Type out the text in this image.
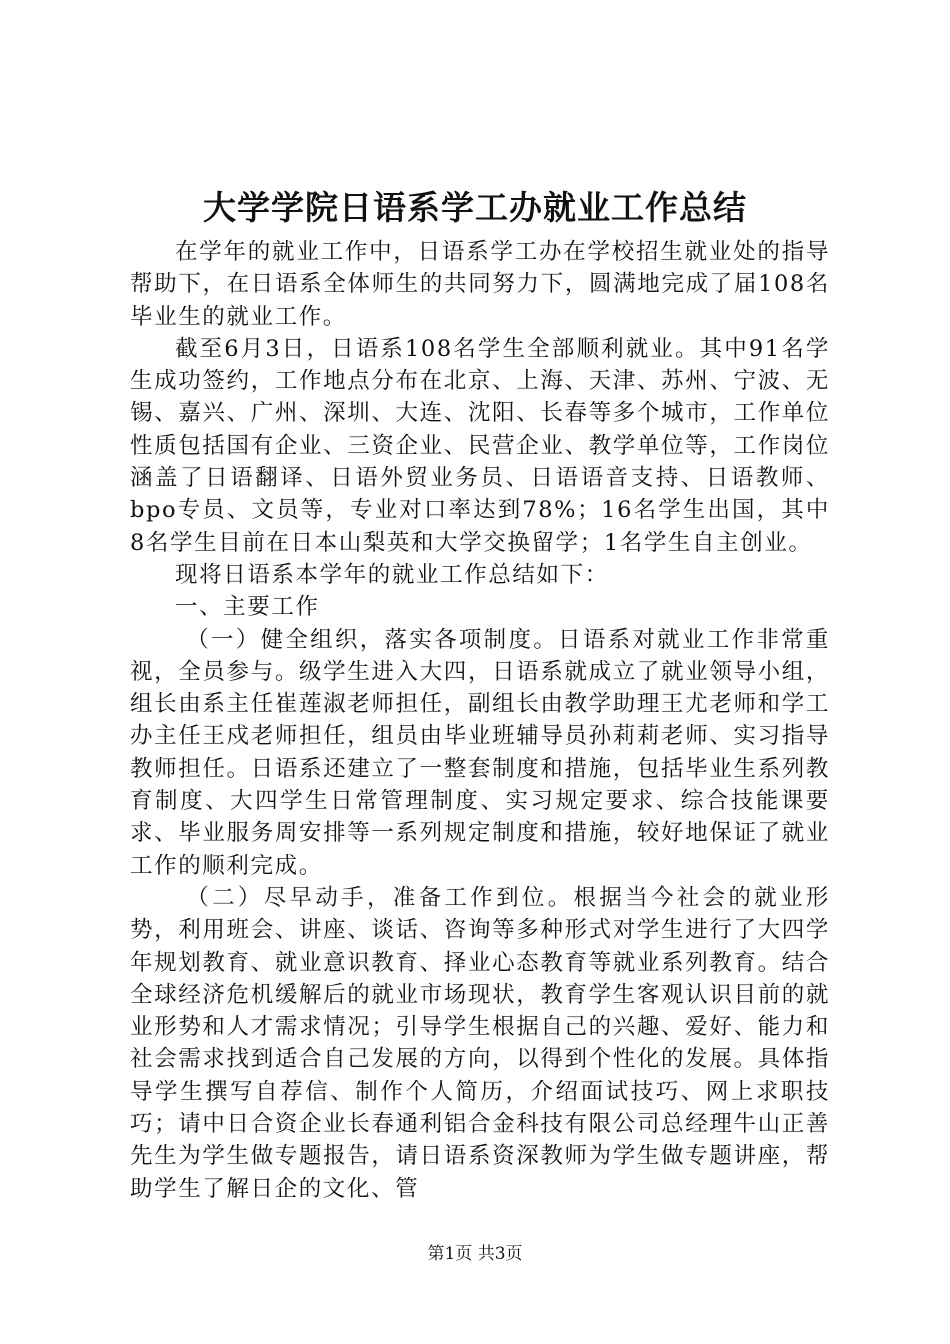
大学学院日语系学工办就业工作总结

在学年的就业工作中，日语系学工办在学校招生就业处的指导帮助下，在日语系全体师生的共同努力下，圆满地完成了届108名毕业生的就业工作。

截至6月3日，日语系108名学生全部顺利就业。其中91名学生成功签约，工作地点分布在北京、上海、天津、苏州、宁波、无锡、嘉兴、广州、深圳、大连、沈阳、长春等多个城市，工作单位性质包括国有企业、三资企业、民营企业、教学单位等，工作岗位涵盖了日语翻译、日语外贸业务员、日语语音支持、日语教师、bpo专员、文员等，专业对口率达到78%；16名学生出国，其中8名学生目前在日本山梨英和大学交换留学；1名学生自主创业。

现将日语系本学年的就业工作总结如下：

一、主要工作

（一）健全组织，落实各项制度。日语系对就业工作非常重视，全员参与。级学生进入大四，日语系就成立了就业领导小组，组长由系主任崔莲淑老师担任，副组长由教学助理王尤老师和学工办主任王戍老师担任，组员由毕业班辅导员孙莉莉老师、实习指导教师担任。日语系还建立了一整套制度和措施，包括毕业生系列教育制度、大四学生日常管理制度、实习规定要求、综合技能课要求、毕业服务周安排等一系列规定制度和措施，较好地保证了就业工作的顺利完成。

（二）尽早动手，准备工作到位。根据当今社会的就业形势，利用班会、讲座、谈话、咨询等多种形式对学生进行了大四学年规划教育、就业意识教育、择业心态教育等就业系列教育。结合全球经济危机缓解后的就业市场现状，教育学生客观认识目前的就业形势和人才需求情况；引导学生根据自己的兴趣、爱好、能力和社会需求找到适合自己发展的方向，以得到个性化的发展。具体指导学生撰写自荐信、制作个人简历，介绍面试技巧、网上求职技巧；请中日合资企业长春通利铝合金科技有限公司总经理牛山正善先生为学生做专题报告，请日语系资深教师为学生做专题讲座，帮助学生了解日企的文化、管

第1页 共3页
